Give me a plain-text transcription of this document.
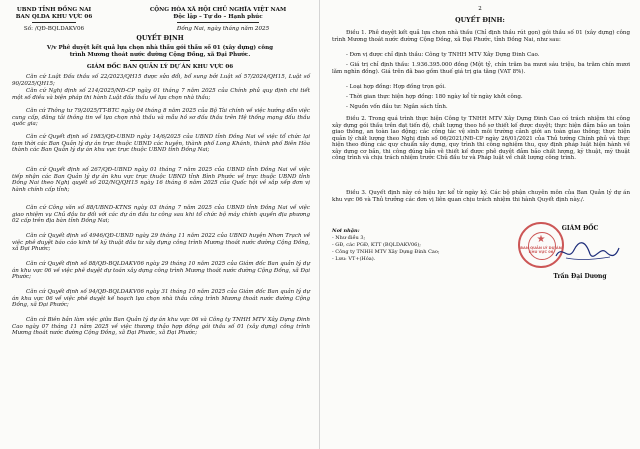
UBND TỈNH ĐỒNG NAI
BAN QLDA KHU VỰC 06
CỘNG HÒA XÃ HỘI CHỦ NGHĨA VIỆT NAM
Độc lập – Tự do – Hạnh phúc
Số: /QĐ-BQLDAKV06	Đồng Nai, ngày tháng năm 2025
QUYẾT ĐỊNH
V/v Phê duyệt kết quả lựa chọn nhà thầu gói thầu số 01 (xây dựng) công
trình Mương thoát nước đường Cộng Đồng, xã Đại Phước.
GIÁM ĐỐC BAN QUẢN LÝ DỰ ÁN KHU VỰC 06
Căn cứ Luật Đấu thầu số 22/2023/QH15 được sửa đổi, bổ sung bởi Luật số 57/2024/QH15, Luật số 90/2025/QH15;
Căn cứ Nghị định số 214/2025/NĐ-CP ngày 01 tháng 7 năm 2025 của Chính phủ quy định chi tiết một số điều và biện pháp thi hành Luật đấu thầu về lựa chọn nhà thầu;
Căn cứ Thông tư 79/2025/TT-BTC ngày 04 tháng 8 năm 2025 của Bộ Tài chính về việc hướng dẫn việc cung cấp, đăng tải thông tin về lựa chọn nhà thầu và mẫu hồ sơ đấu thầu trên Hệ thống mạng đấu thầu quốc gia;
Căn cứ Quyết định số 1983/QĐ-UBND ngày 14/6/2025 của UBND tỉnh Đồng Nai về việc tổ chức lại tạm thời các Ban Quản lý dự án trực thuộc UBND các huyện, thành phố Long Khánh, thành phố Biên Hòa thành các Ban Quản lý dự án khu vực trực thuộc UBND tỉnh Đồng Nai;
Căn cứ Quyết định số 267/QĐ-UBND ngày 01 tháng 7 năm 2025 của UBND tỉnh Đồng Nai về việc tiếp nhận các Ban Quản lý dự án khu vực trực thuộc UBND tỉnh Bình Phước về trực thuộc UBND tỉnh Đồng Nai theo Nghị quyết số 202/NQ/QH15 ngày 16 tháng 6 năm 2025 của Quốc hội về sắp xếp đơn vị hành chính cấp tỉnh;
Căn cứ Công văn số 88/UBND-KTNS ngày 03 tháng 7 năm 2025 của UBND tỉnh Đồng Nai về việc giao nhiệm vụ Chủ đầu tư đối với các dự án đầu tư công sau khi tổ chức bộ máy chính quyền địa phương 02 cấp trên địa bàn tỉnh Đồng Nai;
Căn cứ Quyết định số 4946/QĐ-UBND ngày 29 tháng 11 năm 2022 của UBND huyện Nhơn Trạch về việc phê duyệt báo cáo kinh tế kỹ thuật đầu tư xây dựng công trình Mương thoát nước đường Cộng Đồng, xã Đại Phước;
Căn cứ Quyết định số 88/QĐ-BQLDAKV06 ngày 29 tháng 10 năm 2025 của Giám đốc Ban quản lý dự án khu vực 06 về việc phê duyệt dự toán xây dựng công trình Mương thoát nước đường Cộng Đồng, xã Đại Phước;
Căn cứ Quyết định số 94/QĐ-BQLDAKV06 ngày 31 tháng 10 năm 2025 của Giám đốc Ban quản lý dự án khu vực 06 về việc phê duyệt kế hoạch lựa chọn nhà thầu công trình Mương thoát nước đường Cộng Đồng, xã Đại Phước;
Căn cứ Biên bản làm việc giữa Ban Quản lý dự án khu vực 06 và Công ty TNHH MTV Xây Dựng Đinh Cao ngày 07 tháng 11 năm 2025 về việc thương thảo hợp đồng gói thầu số 01 (xây dựng) công trình Mương thoát nước đường Cộng Đồng, xã Đại Phước, xã Đại Phước;
2
QUYẾT ĐỊNH:
Điều 1. Phê duyệt kết quả lựa chọn nhà thầu (Chỉ định thầu rút gọn) gói thầu số 01 (xây dựng) công trình Mương thoát nước đường Cộng Đồng, xã Đại Phước, tỉnh Đồng Nai, như sau:
- Đơn vị được chỉ định thầu: Công ty TNHH MTV Xây Dựng Đinh Cao.
- Giá trị chỉ định thầu: 1.936.395.000 đồng (Một tỷ, chín trăm ba mươi sáu triệu, ba trăm chín mươi lăm nghìn đồng). Giá trên đã bao gồm thuế giá trị gia tăng (VAT 8%).
- Loại hợp đồng: Hợp đồng trọn gói.
- Thời gian thực hiện hợp đồng: 180 ngày kể từ ngày khởi công.
- Nguồn vốn đầu tư: Ngân sách tỉnh.
Điều 2. Trong quá trình thực hiện Công ty TNHH MTV Xây Dựng Đinh Cao có trách nhiệm thi công xây dựng gói thầu trên đạt tiến độ, chất lượng theo hồ sơ thiết kế được duyệt; thực hiện đảm bảo an toàn giao thông, an toàn lao động; các công tác vệ sinh môi trường cảnh giới an toàn giao thông; thực hiện quản lý chất lượng theo Nghị định số 06/2021/NĐ-CP ngày 26/01/2021 của Thủ tướng Chính phủ và thực hiện theo đúng các quy chuẩn xây dựng, quy trình thi công nghiệm thu, quy định pháp luật hiện hành về xây dựng cơ bản, thi công đúng bản vẽ thiết kế được phê duyệt đảm bảo chất lượng, kỹ thuật, mỹ thuật công trình và chịu trách nhiệm trước Chủ đầu tư và Pháp luật về chất lượng công trình.
Điều 3. Quyết định này có hiệu lực kể từ ngày ký. Các bộ phận chuyên môn của Ban Quản lý dự án khu vực 06 và Thủ trưởng các đơn vị liên quan chịu trách nhiệm thi hành Quyết định này./.
Nơi nhận:
- Như điều 3;
- GĐ, các PGĐ, KTT (BQLDAKV06);
- Công ty TNHH MTV Xây Dựng Đinh Cao;
- Lưu: VT+(Hóa).
GIÁM ĐỐC
★
BAN QUẢN LÝ DỰ ÁN KHU VỰC 06
Trần Đại Dương
